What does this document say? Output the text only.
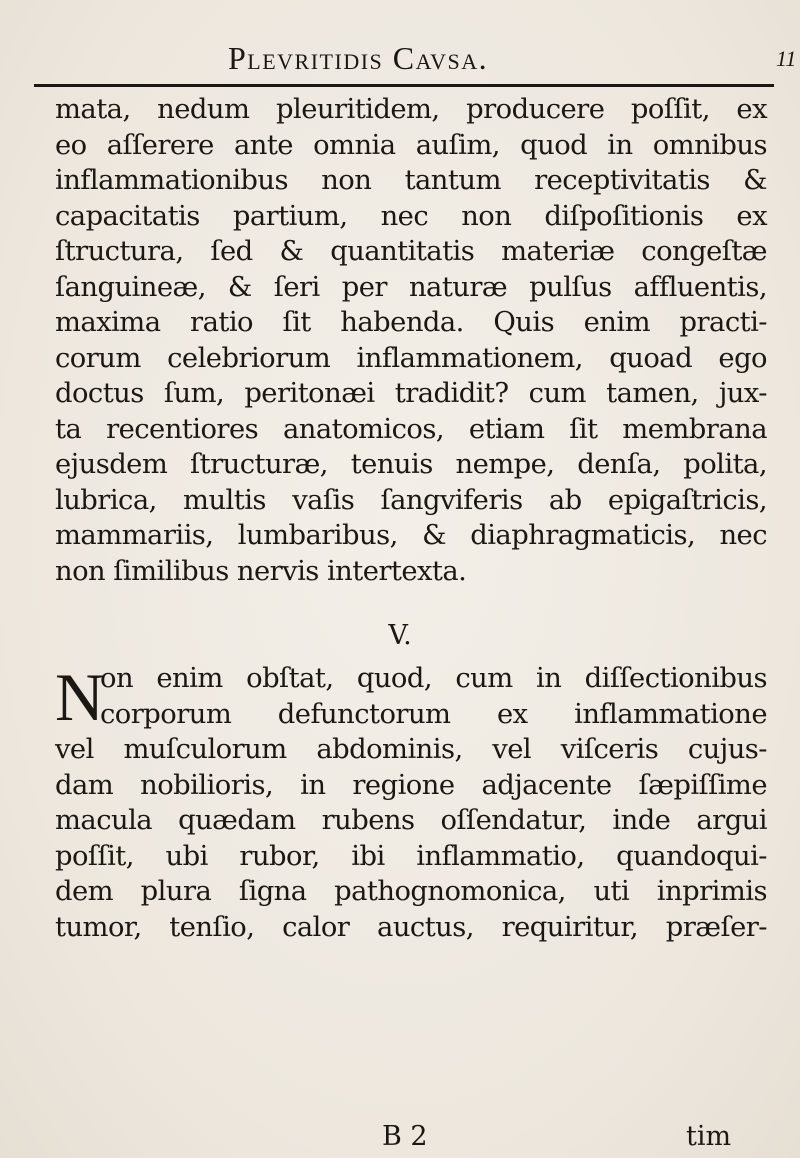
Plevritidis Cavsa.	11
mata, nedum pleuritidem, producere poſſit, ex
eo aſſerere ante omnia auſim, quod in omnibus
inflammationibus non tantum receptivitatis &
capacitatis partium, nec non diſpoſitionis ex
ſtructura, ſed & quantitatis materiæ congeſtæ
ſanguineæ, & ſeri per naturæ pulſus affluentis,
maxima ratio ſit habenda. Quis enim practi-
corum celebriorum inflammationem, quoad ego
doctus ſum, peritonæi tradidit? cum tamen, jux-
ta recentiores anatomicos, etiam ſit membrana
ejusdem ſtructuræ, tenuis nempe, denſa, polita,
lubrica, multis vaſis ſangviferis ab epigaſtricis,
mammariis, lumbaribus, & diaphragmaticis, nec
non ſimilibus nervis intertexta.
V.
N
on enim obſtat, quod, cum in diſſectionibus
corporum defunctorum ex inflammatione
vel muſculorum abdominis, vel viſceris cujus-
dam nobilioris, in regione adjacente ſæpiſſime
macula quædam rubens oſſendatur, inde argui
poſſit, ubi rubor, ibi inflammatio, quandoqui-
dem plura ſigna pathognomonica, uti inprimis
tumor, tenſio, calor auctus, requiritur, præſer-
B 2	tim
